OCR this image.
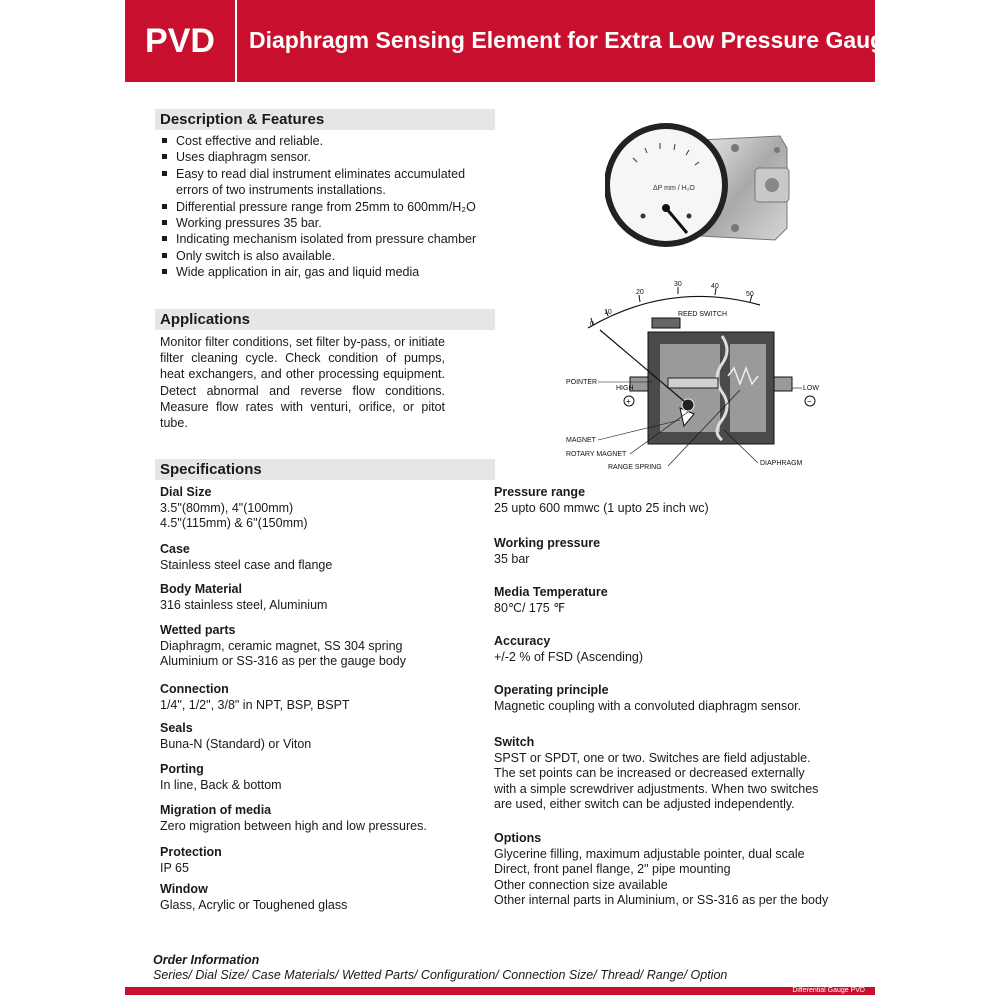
PVD	Diaphragm Sensing Element for Extra Low Pressure Gauge
Description & Features
Cost effective and reliable.
Uses diaphragm sensor.
Easy to read dial instrument eliminates accumulated errors of two instruments installations.
Differential pressure range from 25mm to 600mm/H₂O
Working pressures 35 bar.
Indicating mechanism isolated from pressure chamber
Only switch is also available.
Wide application in air, gas and liquid media
Applications
Monitor filter conditions, set filter by-pass, or initiate filter cleaning cycle. Check condition of pumps, heat exchangers, and other processing equipment. Detect abnormal and reverse flow conditions. Measure flow rates with venturi, orifice, or pitot tube.
ΔP mm / H₂O
0
10
20
30	40
50
REED SWITCH
POINTER
HIGH
+
LOW
−
MAGNET
ROTARY MAGNET
RANGE SPRING
DIAPHRAGM
Specifications
Dial Size
3.5"(80mm), 4"(100mm)
4.5"(115mm) & 6"(150mm)
Case
Stainless steel case and flange
Body Material
316 stainless steel, Aluminium
Wetted parts
Diaphragm, ceramic magnet, SS 304 spring
Aluminium or SS-316 as per the gauge body
Connection
1/4", 1/2", 3/8" in NPT, BSP, BSPT
Seals
Buna-N (Standard) or Viton
Porting
In line, Back & bottom
Migration of media
Zero migration between high and low pressures.
Protection
IP 65
Window
Glass, Acrylic or Toughened glass
Pressure range
25 upto 600 mmwc (1 upto 25 inch wc)
Working pressure
35 bar
Media Temperature
80℃/ 175 ℉
Accuracy
+/-2 % of FSD (Ascending)
Operating principle
Magnetic coupling with a convoluted diaphragm sensor.
Switch
SPST or SPDT, one or two. Switches are field adjustable.
The set points can be increased or decreased externally
with a simple screwdriver adjustments. When two switches
are used, either switch can be adjusted independently.
Options
Glycerine filling, maximum adjustable pointer, dual scale
Direct, front panel flange, 2" pipe mounting
Other connection size available
Other internal parts in Aluminium, or SS-316 as per the body
Order Information
Series/ Dial Size/ Case Materials/ Wetted Parts/ Configuration/ Connection Size/ Thread/ Range/ Option
Differential Gauge PVD
